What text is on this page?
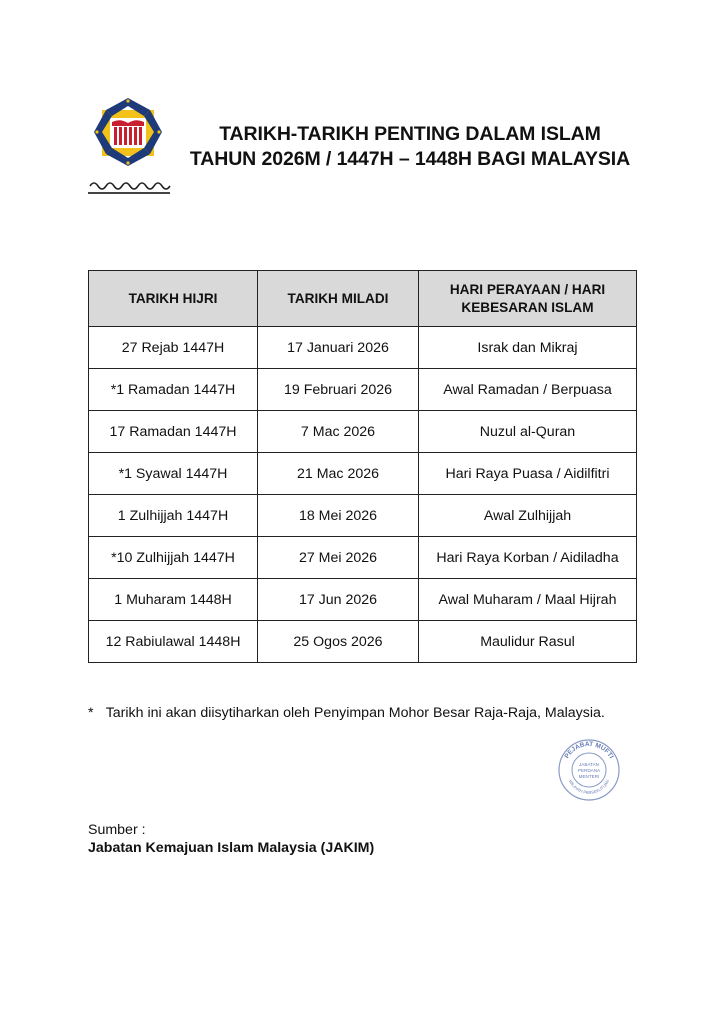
TARIKH-TARIKH PENTING DALAM ISLAM
TAHUN 2026M / 1447H – 1448H BAGI MALAYSIA
TARIKH HIJRI	TARIKH MILADI	HARI PERAYAAN / HARI KEBESARAN ISLAM
27 Rejab 1447H	17 Januari 2026	Israk dan Mikraj
*1 Ramadan 1447H	19 Februari 2026	Awal Ramadan / Berpuasa
17 Ramadan 1447H	7 Mac 2026	Nuzul al-Quran
*1 Syawal 1447H	21 Mac 2026	Hari Raya Puasa / Aidilfitri
1 Zulhijjah 1447H	18 Mei 2026	Awal Zulhijjah
*10 Zulhijjah 1447H	27 Mei 2026	Hari Raya Korban / Aidiladha
1 Muharam 1448H	17 Jun 2026	Awal Muharam / Maal Hijrah
12 Rabiulawal 1448H	25 Ogos 2026	Maulidur Rasul
* Tarikh ini akan diisytiharkan oleh Penyimpan Mohor Besar Raja-Raja, Malaysia.
PEJABAT MUFTI
WILAYAH PERSEKUTUAN
JABATAN
PERDANA
MENTERI
Sumber :
Jabatan Kemajuan Islam Malaysia (JAKIM)
